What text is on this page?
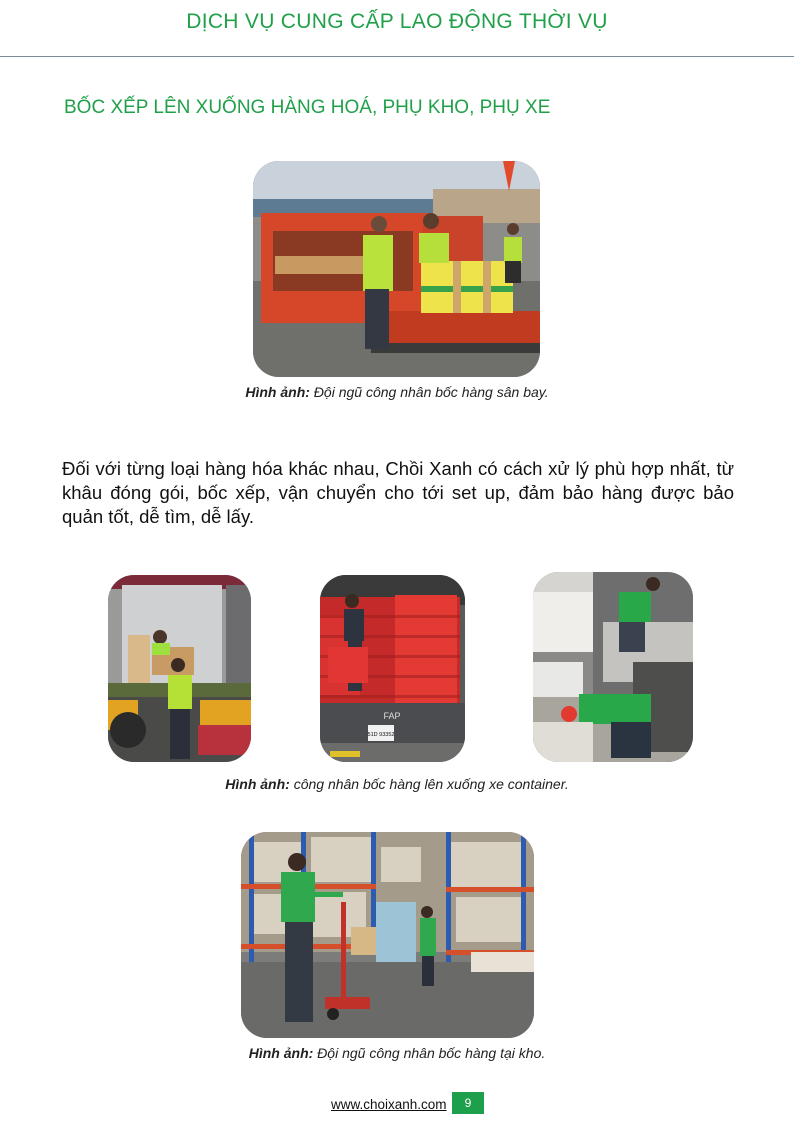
DỊCH VỤ CUNG CẤP LAO ĐỘNG THỜI VỤ
BỐC XẾP LÊN XUỐNG HÀNG HOÁ, PHỤ KHO, PHỤ XE
Hình ảnh: Đội ngũ công nhân bốc hàng sân bay.
Đối với từng loại hàng hóa khác nhau, Chồi Xanh có cách xử lý phù hợp nhất, từ khâu đóng gói, bốc xếp, vận chuyển cho tới set up, đảm bảo hàng được bảo quản tốt, dễ tìm, dễ lấy.
FAP
51D 93352
Hình ảnh: công nhân bốc hàng lên xuống xe container.
Hình ảnh: Đội ngũ công nhân bốc hàng tại kho.
www.choixanh.com	9
